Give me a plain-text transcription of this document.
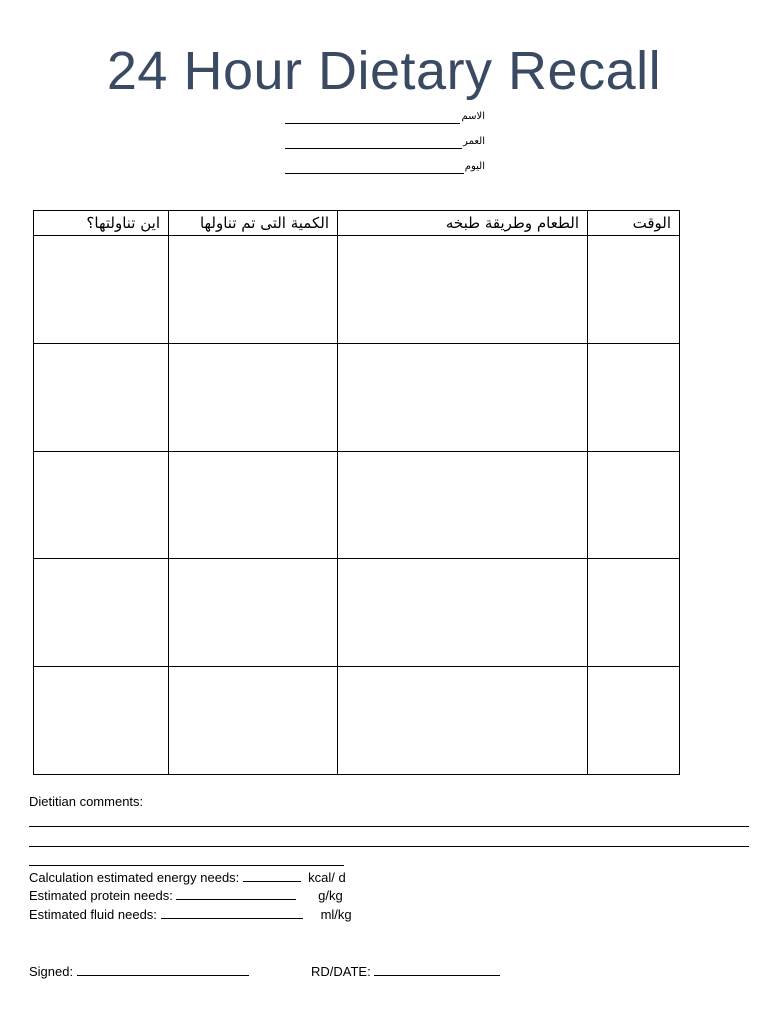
24 Hour Dietary Recall
الاسم
العمر
اليوم
الوقت	الطعام وطريقة طبخه	الكمية التى تم تناولها	اين تناولتها؟

Dietitian comments:
Calculation estimated energy needs:	kcal/ d
Estimated protein needs:	g/kg
Estimated fluid needs:	ml/kg
Signed:	RD/DATE:
